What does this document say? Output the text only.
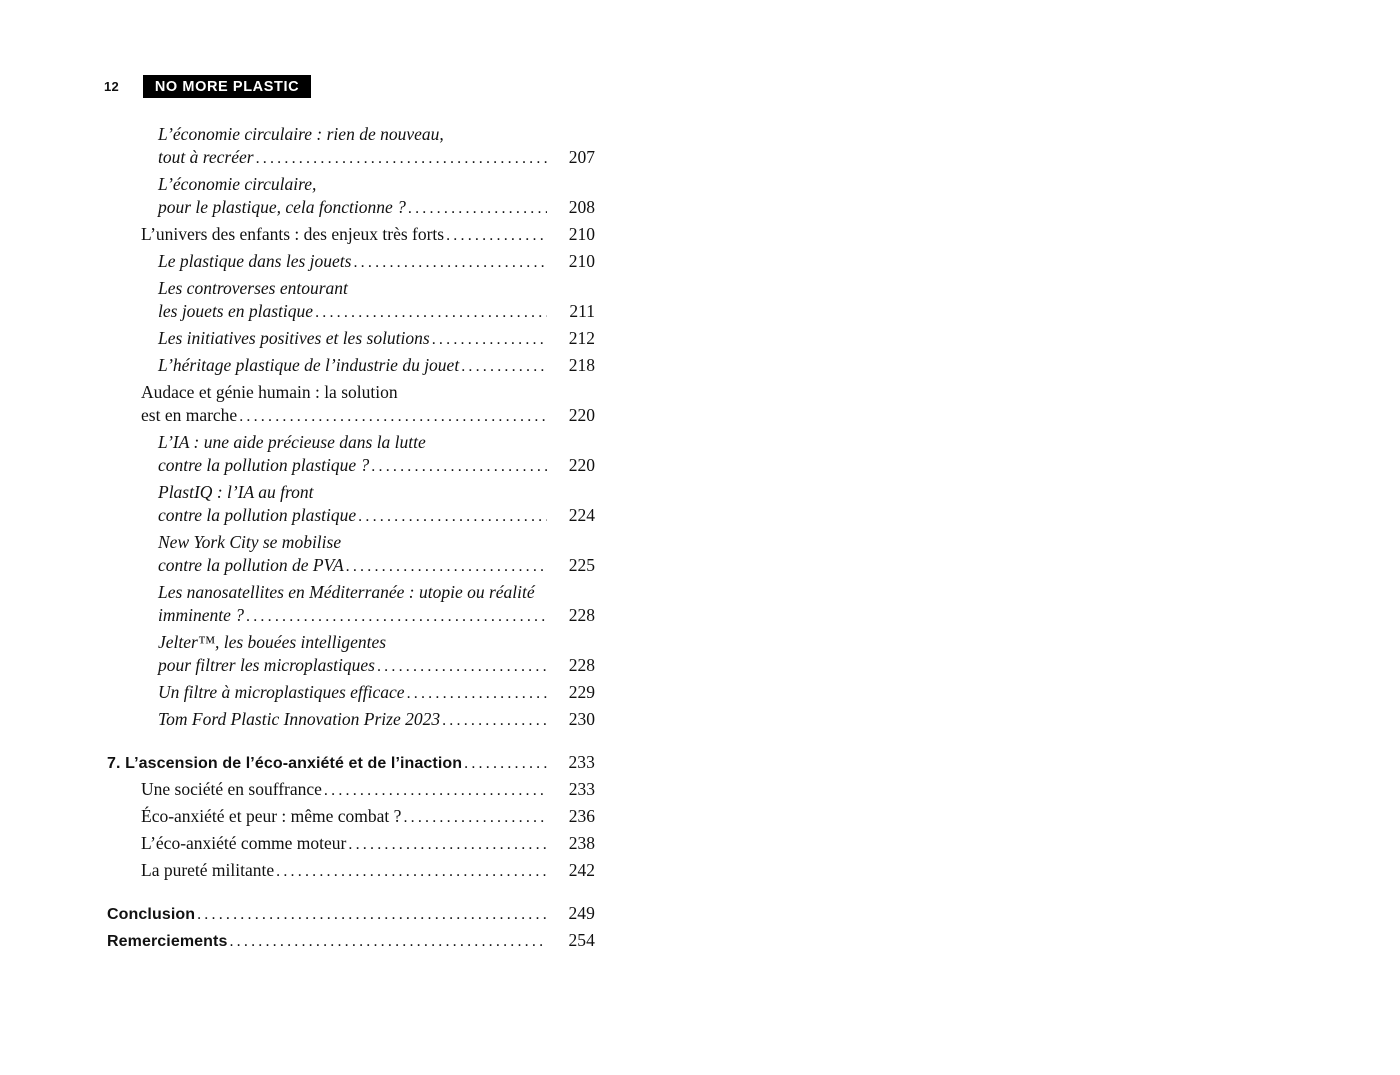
12 NO MORE PLASTIC
L’économie circulaire : rien de nouveau,
tout à recréer .....	207
L’économie circulaire,
pour le plastique, cela fonctionne ? .....	208
L’univers des enfants : des enjeux très forts .....	210
Le plastique dans les jouets .....	210
Les controverses entourant
les jouets en plastique .....	211
Les initiatives positives et les solutions .....	212
L’héritage plastique de l’industrie du jouet .....	218
Audace et génie humain : la solution
est en marche .....	220
L’IA : une aide précieuse dans la lutte
contre la pollution plastique ? .....	220
PlastIQ : l’IA au front
contre la pollution plastique .....	224
New York City se mobilise
contre la pollution de PVA .....	225
Les nanosatellites en Méditerranée : utopie ou réalité
imminente ? .....	228
Jelter™, les bouées intelligentes
pour filtrer les microplastiques .....	228
Un filtre à microplastiques efficace .....	229
Tom Ford Plastic Innovation Prize 2023 .....	230
7. L’ascension de l’éco-anxiété et de l’inaction .....	233
Une société en souffrance .....	233
Éco-anxiété et peur : même combat ? .....	236
L’éco-anxiété comme moteur .....	238
La pureté militante .....	242
Conclusion .....	249
Remerciements .....	254
